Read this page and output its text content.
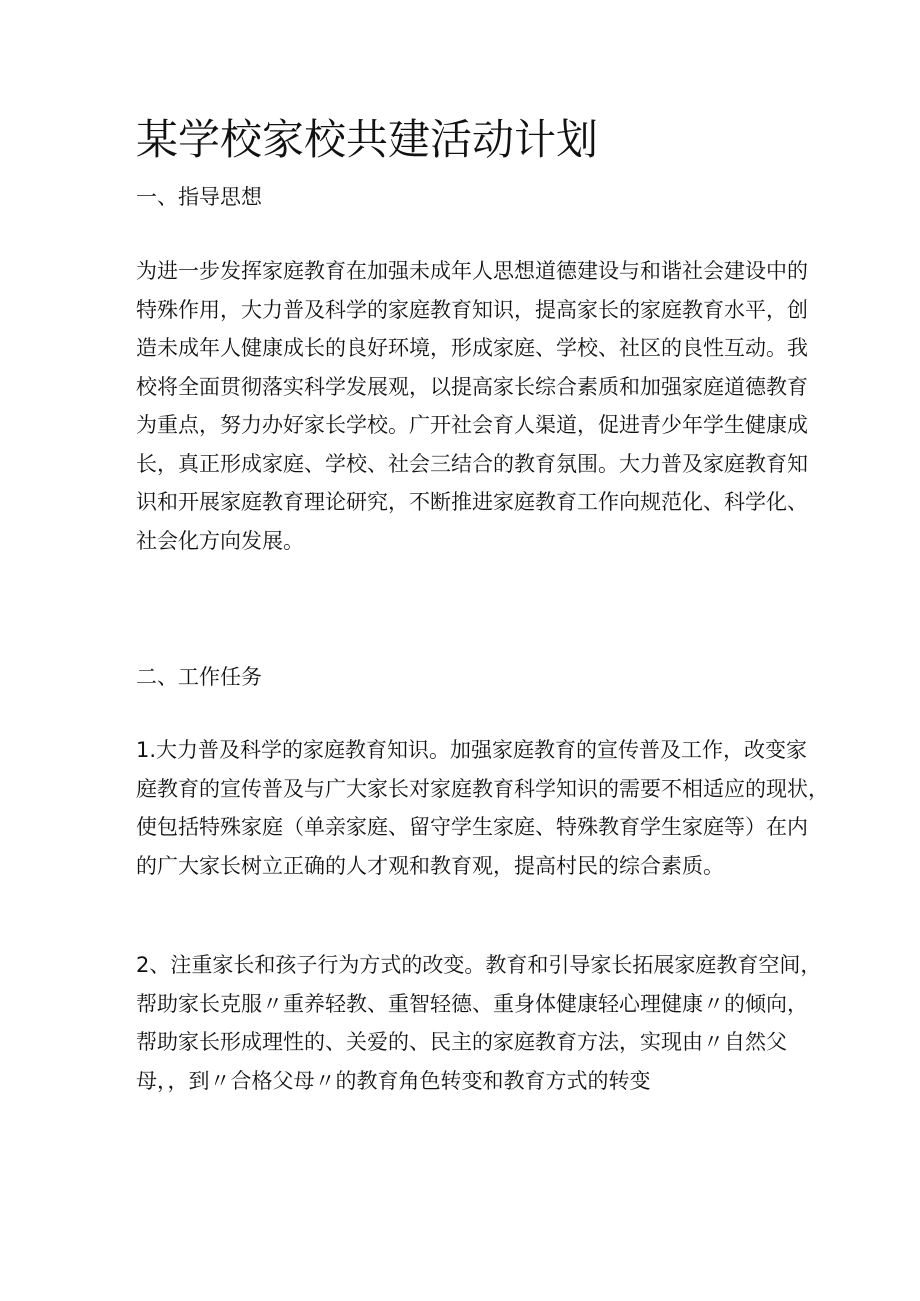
某学校家校共建活动计划
一、指导思想
为进一步发挥家庭教育在加强未成年人思想道德建设与和谐社会建设中的
特殊作用，大力普及科学的家庭教育知识，提高家长的家庭教育水平，创
造未成年人健康成长的良好环境，形成家庭、学校、社区的良性互动。我
校将全面贯彻落实科学发展观，以提高家长综合素质和加强家庭道德教育
为重点，努力办好家长学校。广开社会育人渠道，促进青少年学生健康成
长，真正形成家庭、学校、社会三结合的教育氛围。大力普及家庭教育知
识和开展家庭教育理论研究，不断推进家庭教育工作向规范化、科学化、
社会化方向发展。
二、工作任务
1.大力普及科学的家庭教育知识。加强家庭教育的宣传普及工作，改变家
庭教育的宣传普及与广大家长对家庭教育科学知识的需要不相适应的现状，
使包括特殊家庭（单亲家庭、留守学生家庭、特殊教育学生家庭等）在内
的广大家长树立正确的人才观和教育观，提高村民的综合素质。
2、注重家长和孩子行为方式的改变。教育和引导家长拓展家庭教育空间，
帮助家长克服〃重养轻教、重智轻德、重身体健康轻心理健康〃的倾向，
帮助家长形成理性的、关爱的、民主的家庭教育方法，实现由〃自然父
母，，到〃合格父母〃的教育角色转变和教育方式的转变
